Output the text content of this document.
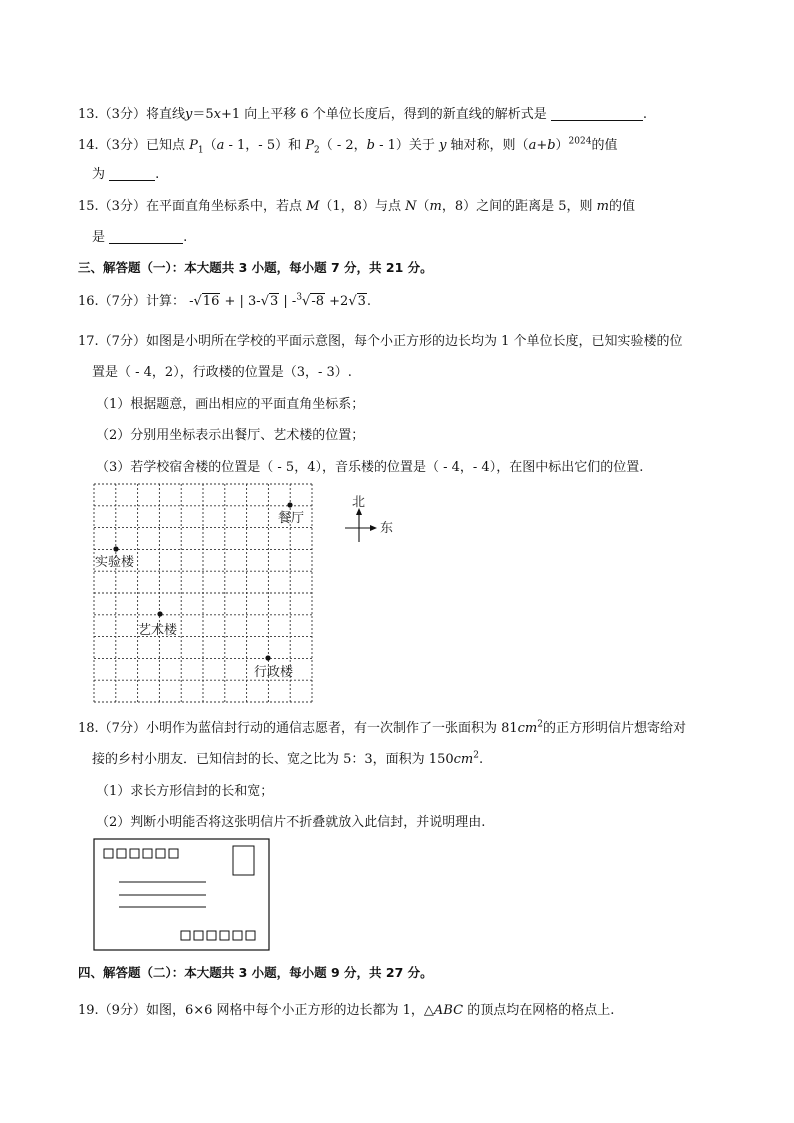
13.（3分）将直线y＝5x+1 向上平移 6 个单位长度后，得到的新直线的解析式是	.
14.（3分）已知点 $P_1(a - 1$，- 5）和 $P_2( - 2$，b - 1）关于 y 轴对称，则$(a+b)^{2024}$的值
为	.
15.（3分）在平面直角坐标系中，若点 M（1，8）与点 N（m，8）之间的距离是 5，则 m的值
是	.
三、解答题（一）：本大题共 3 小题，每小题 7 分，共 21 分。
16.（7分）计算： -√16 + | 3-√3 | -$^3$√-8 +2√3.
17.（7分）如图是小明所在学校的平面示意图，每个小正方形的边长均为 1 个单位长度，已知实验楼的位
置是（ - 4，2），行政楼的位置是（3，- 3）.
（1）根据题意，画出相应的平面直角坐标系；
（2）分别用坐标表示出餐厅、艺术楼的位置；
（3）若学校宿舍楼的位置是（ - 5，4），音乐楼的位置是（ - 4，- 4），在图中标出它们的位置.
餐厅
实验楼
艺术楼
行政楼
北
东
18.（7分）小明作为蓝信封行动的通信志愿者，有一次制作了一张面积为 $81cm^2$的正方形明信片想寄给对
接的乡村小朋友．已知信封的长、宽之比为 5：3，面积为 $150cm^2$.
（1）求长方形信封的长和宽；
（2）判断小明能否将这张明信片不折叠就放入此信封，并说明理由.
四、解答题（二）：本大题共 3 小题，每小题 9 分，共 27 分。
19.（9分）如图，6×6 网格中每个小正方形的边长都为 1，△ABC 的顶点均在网格的格点上.
